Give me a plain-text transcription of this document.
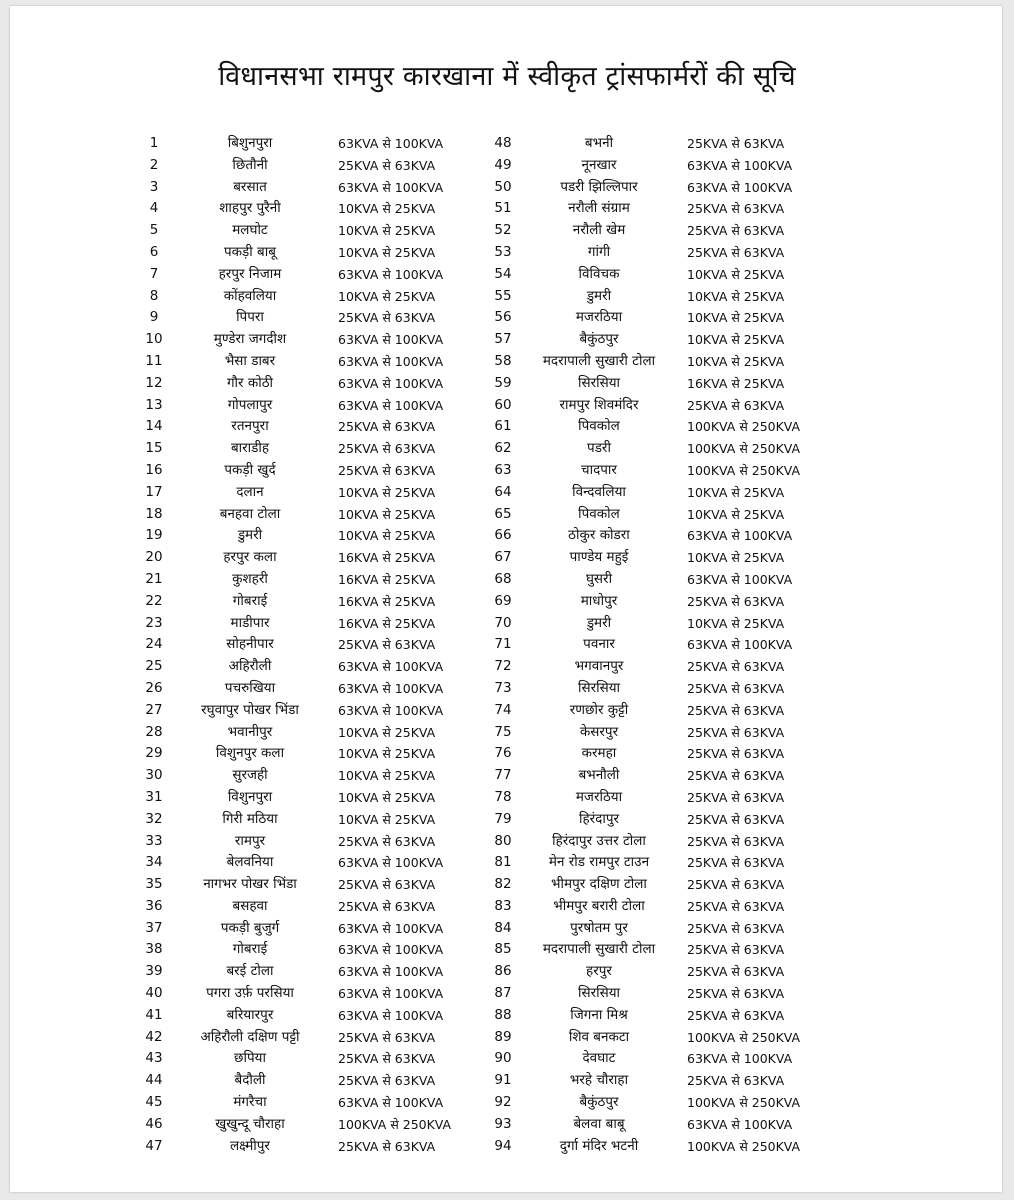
विधानसभा रामपुर कारखाना में स्वीकृत ट्रांसफार्मरों की सूचि
1	बिशुनपुरा	63KVA से 100KVA
2	छितौनी	25KVA से 63KVA
3	बरसात	63KVA से 100KVA
4	शाहपुर पुरैनी	10KVA से 25KVA
5	मलघोट	10KVA से 25KVA
6	पकड़ी बाबू	10KVA से 25KVA
7	हरपुर निजाम	63KVA से 100KVA
8	कोंहवलिया	10KVA से 25KVA
9	पिपरा	25KVA से 63KVA
10	मुण्डेरा जगदीश	63KVA से 100KVA
11	भैसा डाबर	63KVA से 100KVA
12	गौर कोठी	63KVA से 100KVA
13	गोपलापुर	63KVA से 100KVA
14	रतनपुरा	25KVA से 63KVA
15	बाराडीह	25KVA से 63KVA
16	पकड़ी खुर्द	25KVA से 63KVA
17	दलान	10KVA से 25KVA
18	बनहवा टोला	10KVA से 25KVA
19	डुमरी	10KVA से 25KVA
20	हरपुर कला	16KVA से 25KVA
21	कुशहरी	16KVA से 25KVA
22	गोबराई	16KVA से 25KVA
23	माडीपार	16KVA से 25KVA
24	सोहनीपार	25KVA से 63KVA
25	अहिरौली	63KVA से 100KVA
26	पचरुखिया	63KVA से 100KVA
27	रघुवापुर पोखर भिंडा	63KVA से 100KVA
28	भवानीपुर	10KVA से 25KVA
29	विशुनपुर कला	10KVA से 25KVA
30	सुरजही	10KVA से 25KVA
31	विशुनपुरा	10KVA से 25KVA
32	गिरी मठिया	10KVA से 25KVA
33	रामपुर	25KVA से 63KVA
34	बेलवनिया	63KVA से 100KVA
35	नागभर पोखर भिंडा	25KVA से 63KVA
36	बसहवा	25KVA से 63KVA
37	पकड़ी बुजुर्ग	63KVA से 100KVA
38	गोबराई	63KVA से 100KVA
39	बरई टोला	63KVA से 100KVA
40	पगरा उर्फ़ परसिया	63KVA से 100KVA
41	बरियारपुर	63KVA से 100KVA
42	अहिरौली दक्षिण पट्टी	25KVA से 63KVA
43	छपिया	25KVA से 63KVA
44	बैदौली	25KVA से 63KVA
45	मंगरैचा	63KVA से 100KVA
46	खुखुन्दू चौराहा	100KVA से 250KVA
47	लक्ष्मीपुर	25KVA से 63KVA
48	बभनी	25KVA से 63KVA
49	नूनखार	63KVA से 100KVA
50	पडरी झिल्लिपार	63KVA से 100KVA
51	नरौली संग्राम	25KVA से 63KVA
52	नरौली खेम	25KVA से 63KVA
53	गांगी	25KVA से 63KVA
54	विविचक	10KVA से 25KVA
55	डुमरी	10KVA से 25KVA
56	मजरठिया	10KVA से 25KVA
57	बैकुंठपुर	10KVA से 25KVA
58	मदरापाली सुखारी टोला	10KVA से 25KVA
59	सिरसिया	16KVA से 25KVA
60	रामपुर शिवमंदिर	25KVA से 63KVA
61	पिवकोल	100KVA से 250KVA
62	पडरी	100KVA से 250KVA
63	चादपार	100KVA से 250KVA
64	विन्दवलिया	10KVA से 25KVA
65	पिवकोल	10KVA से 25KVA
66	ठोकुर कोडरा	63KVA से 100KVA
67	पाण्डेय महुई	10KVA से 25KVA
68	घुसरी	63KVA से 100KVA
69	माधोपुर	25KVA से 63KVA
70	डुमरी	10KVA से 25KVA
71	पवनार	63KVA से 100KVA
72	भगवानपुर	25KVA से 63KVA
73	सिरसिया	25KVA से 63KVA
74	रणछोर कुट्टी	25KVA से 63KVA
75	केसरपुर	25KVA से 63KVA
76	करमहा	25KVA से 63KVA
77	बभनौली	25KVA से 63KVA
78	मजरठिया	25KVA से 63KVA
79	हिरंदापुर	25KVA से 63KVA
80	हिरंदापुर उत्तर टोला	25KVA से 63KVA
81	मेन रोड रामपुर टाउन	25KVA से 63KVA
82	भीमपुर दक्षिण टोला	25KVA से 63KVA
83	भीमपुर बरारी टोला	25KVA से 63KVA
84	पुरषोतम पुर	25KVA से 63KVA
85	मदरापाली सुखारी टोला	25KVA से 63KVA
86	हरपुर	25KVA से 63KVA
87	सिरसिया	25KVA से 63KVA
88	जिगना मिश्र	25KVA से 63KVA
89	शिव बनकटा	100KVA से 250KVA
90	देवघाट	63KVA से 100KVA
91	भरहे चौराहा	25KVA से 63KVA
92	बैकुंठपुर	100KVA से 250KVA
93	बेलवा बाबू	63KVA से 100KVA
94	दुर्गा मंदिर भटनी	100KVA से 250KVA
